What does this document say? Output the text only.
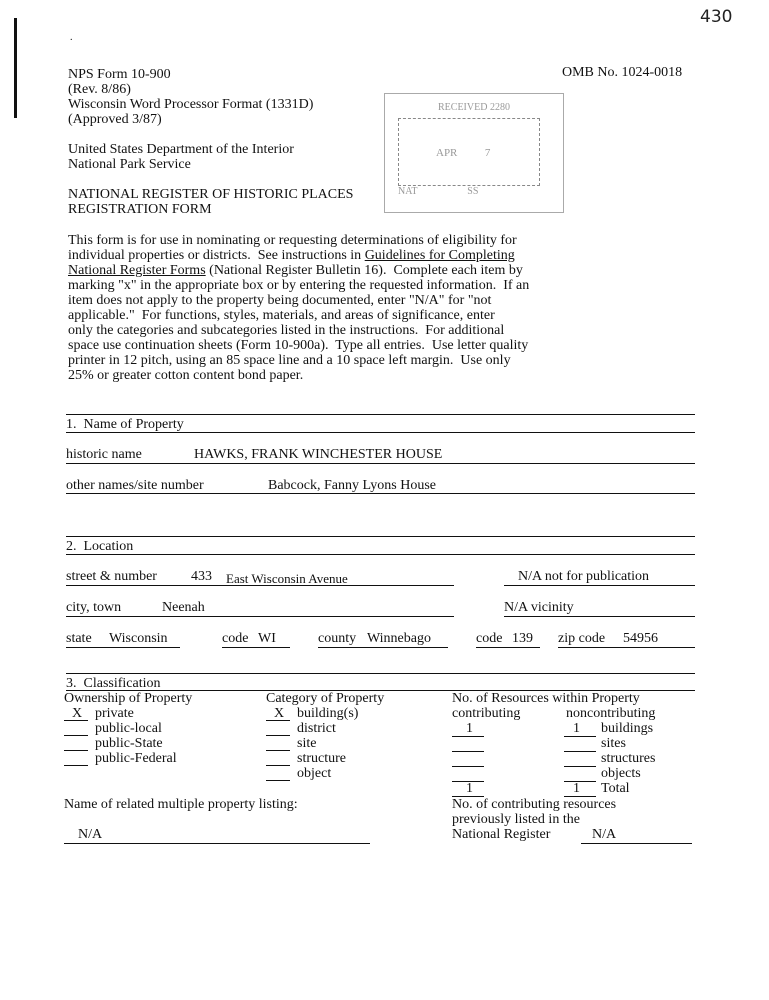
.
430
NPS Form 10-900
(Rev. 8/86)
Wisconsin Word Processor Format (1331D)
(Approved 3/87)
OMB No. 1024-0018
United States Department of the Interior
National Park Service
NATIONAL REGISTER OF HISTORIC PLACES
REGISTRATION FORM
RECEIVED 2280
APR          7
NAT                    SS
This form is for use in nominating or requesting determinations of eligibility for
individual properties or districts.  See instructions in Guidelines for Completing
National Register Forms (National Register Bulletin 16).  Complete each item by
marking "x" in the appropriate box or by entering the requested information.  If an
item does not apply to the property being documented, enter "N/A" for "not
applicable."  For functions, styles, materials, and areas of significance, enter
only the categories and subcategories listed in the instructions.  For additional
space use continuation sheets (Form 10-900a).  Type all entries.  Use letter quality
printer in 12 pitch, using an 85 space line and a 10 space left margin.  Use only
25% or greater cotton content bond paper.
1.  Name of Property
historic name	HAWKS, FRANK WINCHESTER HOUSE
other names/site number	Babcock, Fanny Lyons House
2.  Location
street & number 433 East Wisconsin Avenue	N/A not for publication
city, town	Neenah	N/A vicinity
state Wisconsin	code WI	county Winnebago	code 139 zip code 54956
3.  Classification
Ownership of Property
X private
public-local
public-State
public-Federal
Category of Property
X building(s)
district
site
structure
object
No. of Resources within Property
contributing	noncontributing
1	1 buildings
sites
structures
objects
1	1 Total
Name of related multiple property listing:
N/A
No. of contributing resources
previously listed in the
National Register	N/A
